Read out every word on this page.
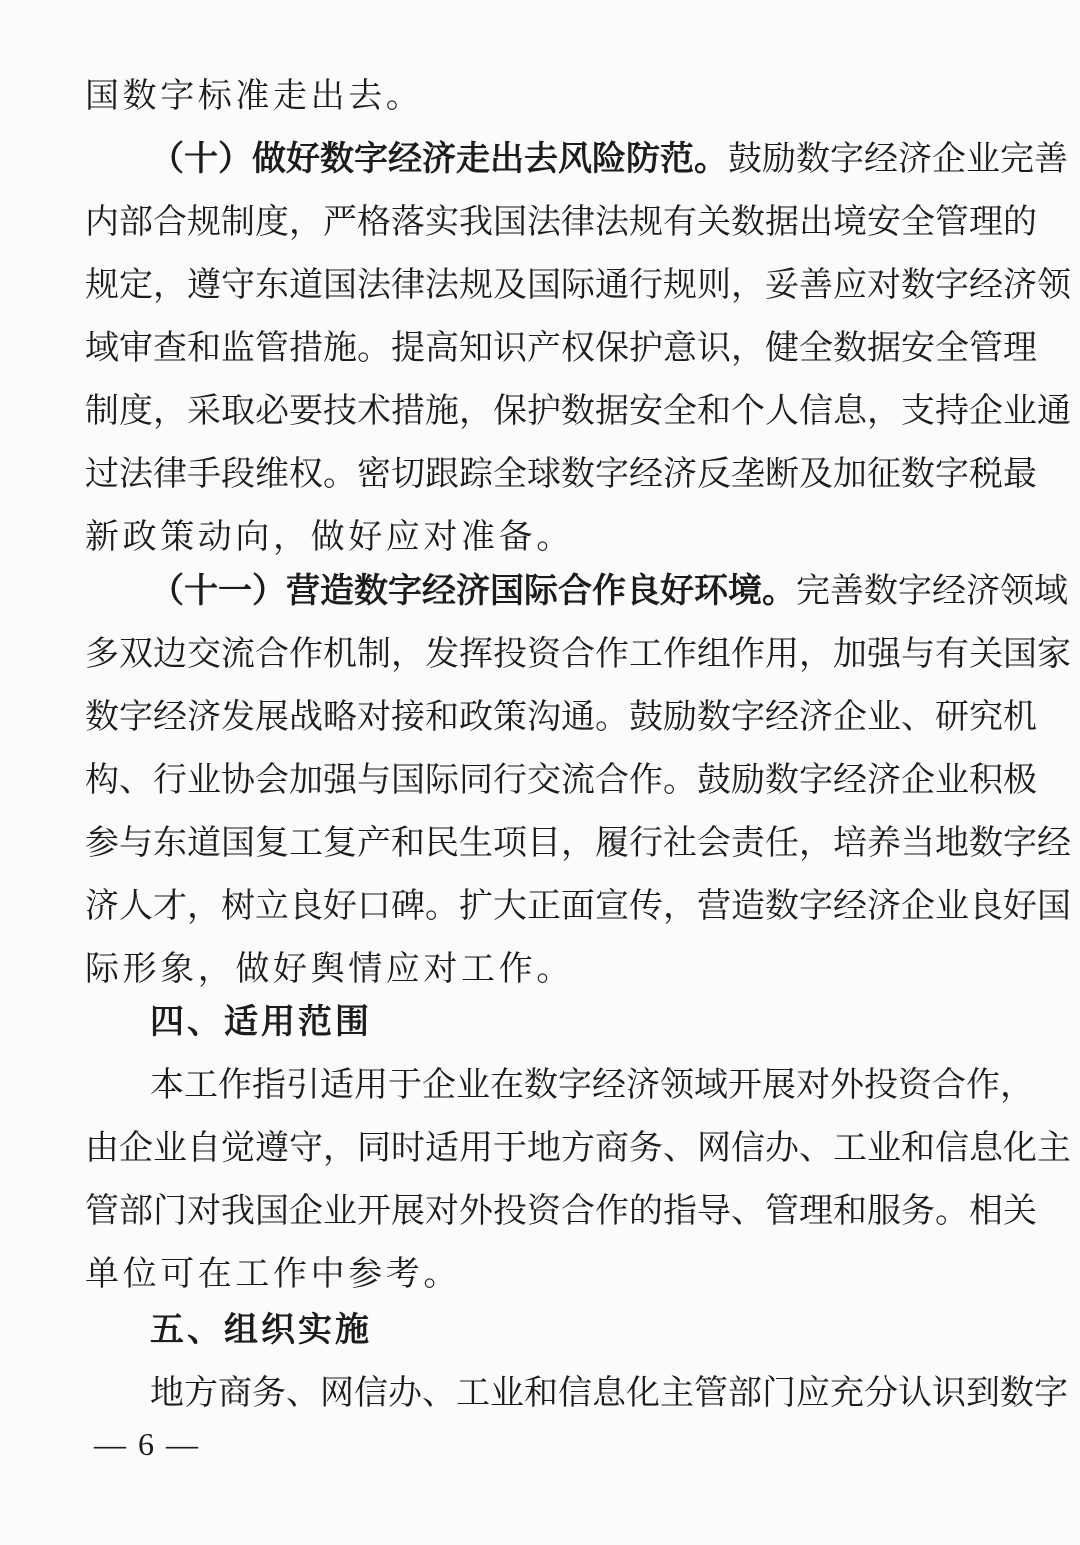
国数字标准走出去。
（十）做好数字经济走出去风险防范。鼓励数字经济企业完善
内部合规制度，严格落实我国法律法规有关数据出境安全管理的
规定，遵守东道国法律法规及国际通行规则，妥善应对数字经济领
域审查和监管措施。提高知识产权保护意识，健全数据安全管理
制度，采取必要技术措施，保护数据安全和个人信息，支持企业通
过法律手段维权。密切跟踪全球数字经济反垄断及加征数字税最
新政策动向，做好应对准备。
（十一）营造数字经济国际合作良好环境。完善数字经济领域
多双边交流合作机制，发挥投资合作工作组作用，加强与有关国家
数字经济发展战略对接和政策沟通。鼓励数字经济企业、研究机
构、行业协会加强与国际同行交流合作。鼓励数字经济企业积极
参与东道国复工复产和民生项目，履行社会责任，培养当地数字经
济人才，树立良好口碑。扩大正面宣传，营造数字经济企业良好国
际形象，做好舆情应对工作。
四、适用范围
本工作指引适用于企业在数字经济领域开展对外投资合作，
由企业自觉遵守，同时适用于地方商务、网信办、工业和信息化主
管部门对我国企业开展对外投资合作的指导、管理和服务。相关
单位可在工作中参考。
五、组织实施
地方商务、网信办、工业和信息化主管部门应充分认识到数字
— 6 —
